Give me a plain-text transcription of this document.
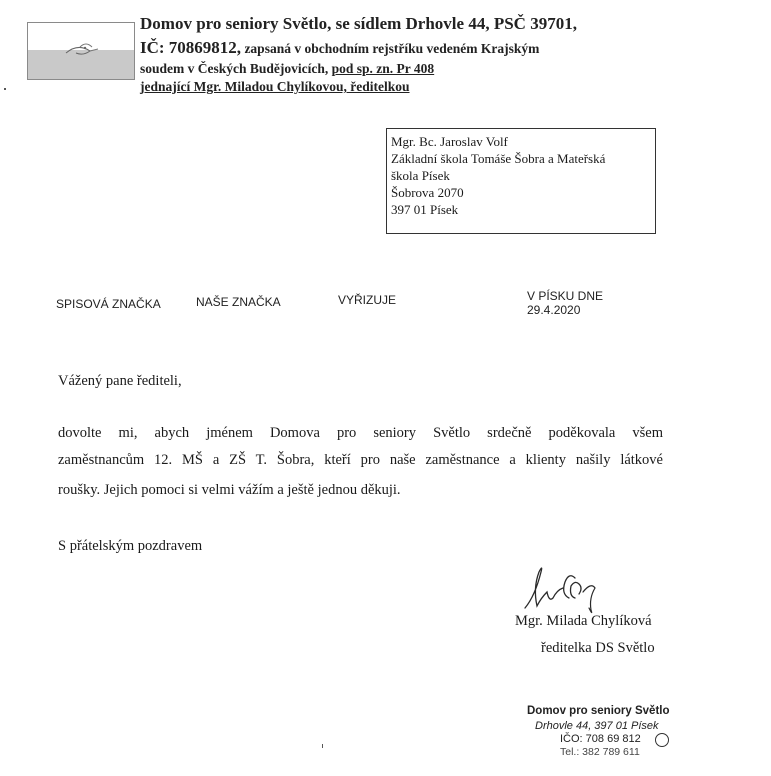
Domov pro seniory Světlo, se sídlem Drhovle 44, PSČ 39701,
IČ: 70869812, zapsaná v obchodním rejstříku vedeném Krajským
soudem v Českých Budějovicích, pod sp. zn. Pr 408
jednající Mgr. Miladou Chylíkovou, ředitelkou
Mgr. Bc. Jaroslav Volf
Základní škola Tomáše Šobra a Mateřská
škola Písek
Šobrova 2070
397 01 Písek
SPISOVÁ ZNAČKA	NAŠE ZNAČKA	VYŘIZUJE	V PÍSKU DNE
29.4.2020
Vážený pane řediteli,
dovolte mi, abych jménem Domova pro seniory Světlo srdečně poděkovala všem
zaměstnancům 12. MŠ a ZŠ T. Šobra, kteří pro naše zaměstnance a klienty našily látkové
roušky. Jejich pomoci si velmi vážím a ještě jednou děkuji.
S přátelským pozdravem
Mgr. Milada Chylíková
ředitelka DS Světlo
Domov pro seniory Světlo
Drhovle 44, 397 01 Písek
IČO: 708 69 812
Tel.: 382 789 611
